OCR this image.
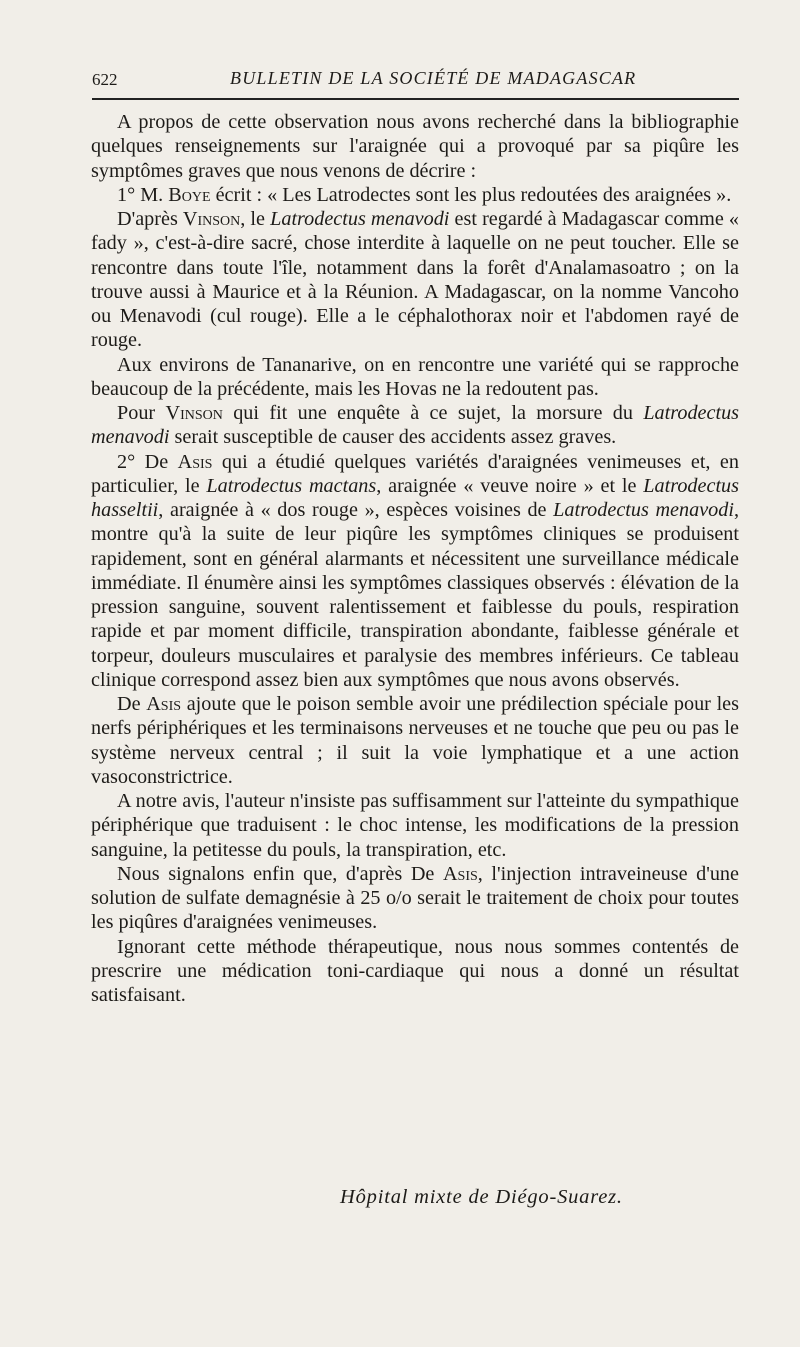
622	BULLETIN DE LA SOCIÉTÉ DE MADAGASCAR

A propos de cette observation nous avons recherché dans la bibliographie quelques renseignements sur l'araignée qui a provoqué par sa piqûre les symptômes graves que nous venons de décrire :

1° M. Boye écrit : « Les Latrodectes sont les plus redoutées des araignées ».

D'après Vinson, le Latrodectus menavodi est regardé à Madagascar comme « fady », c'est-à-dire sacré, chose interdite à laquelle on ne peut toucher. Elle se rencontre dans toute l'île, notamment dans la forêt d'Analamasoatro ; on la trouve aussi à Maurice et à la Réunion. A Madagascar, on la nomme Vancoho ou Menavodi (cul rouge). Elle a le céphalothorax noir et l'abdomen rayé de rouge.

Aux environs de Tananarive, on en rencontre une variété qui se rapproche beaucoup de la précédente, mais les Hovas ne la redoutent pas.

Pour Vinson qui fit une enquête à ce sujet, la morsure du Latrodectus menavodi serait susceptible de causer des accidents assez graves.

2° De Asis qui a étudié quelques variétés d'araignées venimeuses et, en particulier, le Latrodectus mactans, araignée « veuve noire » et le Latrodectus hasseltii, araignée à « dos rouge », espèces voisines de Latrodectus menavodi, montre qu'à la suite de leur piqûre les symptômes cliniques se produisent rapidement, sont en général alarmants et nécessitent une surveillance médicale immédiate. Il énumère ainsi les symptômes classiques observés : élévation de la pression sanguine, souvent ralentissement et faiblesse du pouls, respiration rapide et par moment difficile, transpiration abondante, faiblesse générale et torpeur, douleurs musculaires et paralysie des membres inférieurs. Ce tableau clinique correspond assez bien aux symptômes que nous avons observés.

De Asis ajoute que le poison semble avoir une prédilection spéciale pour les nerfs périphériques et les terminaisons nerveuses et ne touche que peu ou pas le système nerveux central ; il suit la voie lymphatique et a une action vasoconstrictrice.

A notre avis, l'auteur n'insiste pas suffisamment sur l'atteinte du sympathique périphérique que traduisent : le choc intense, les modifications de la pression sanguine, la petitesse du pouls, la transpiration, etc.

Nous signalons enfin que, d'après De Asis, l'injection intraveineuse d'une solution de sulfate demagnésie à 25 o/o serait le traitement de choix pour toutes les piqûres d'araignées venimeuses.

Ignorant cette méthode thérapeutique, nous nous sommes contentés de prescrire une médication toni-cardiaque qui nous a donné un résultat satisfaisant.

Hôpital mixte de Diégo-Suarez.
